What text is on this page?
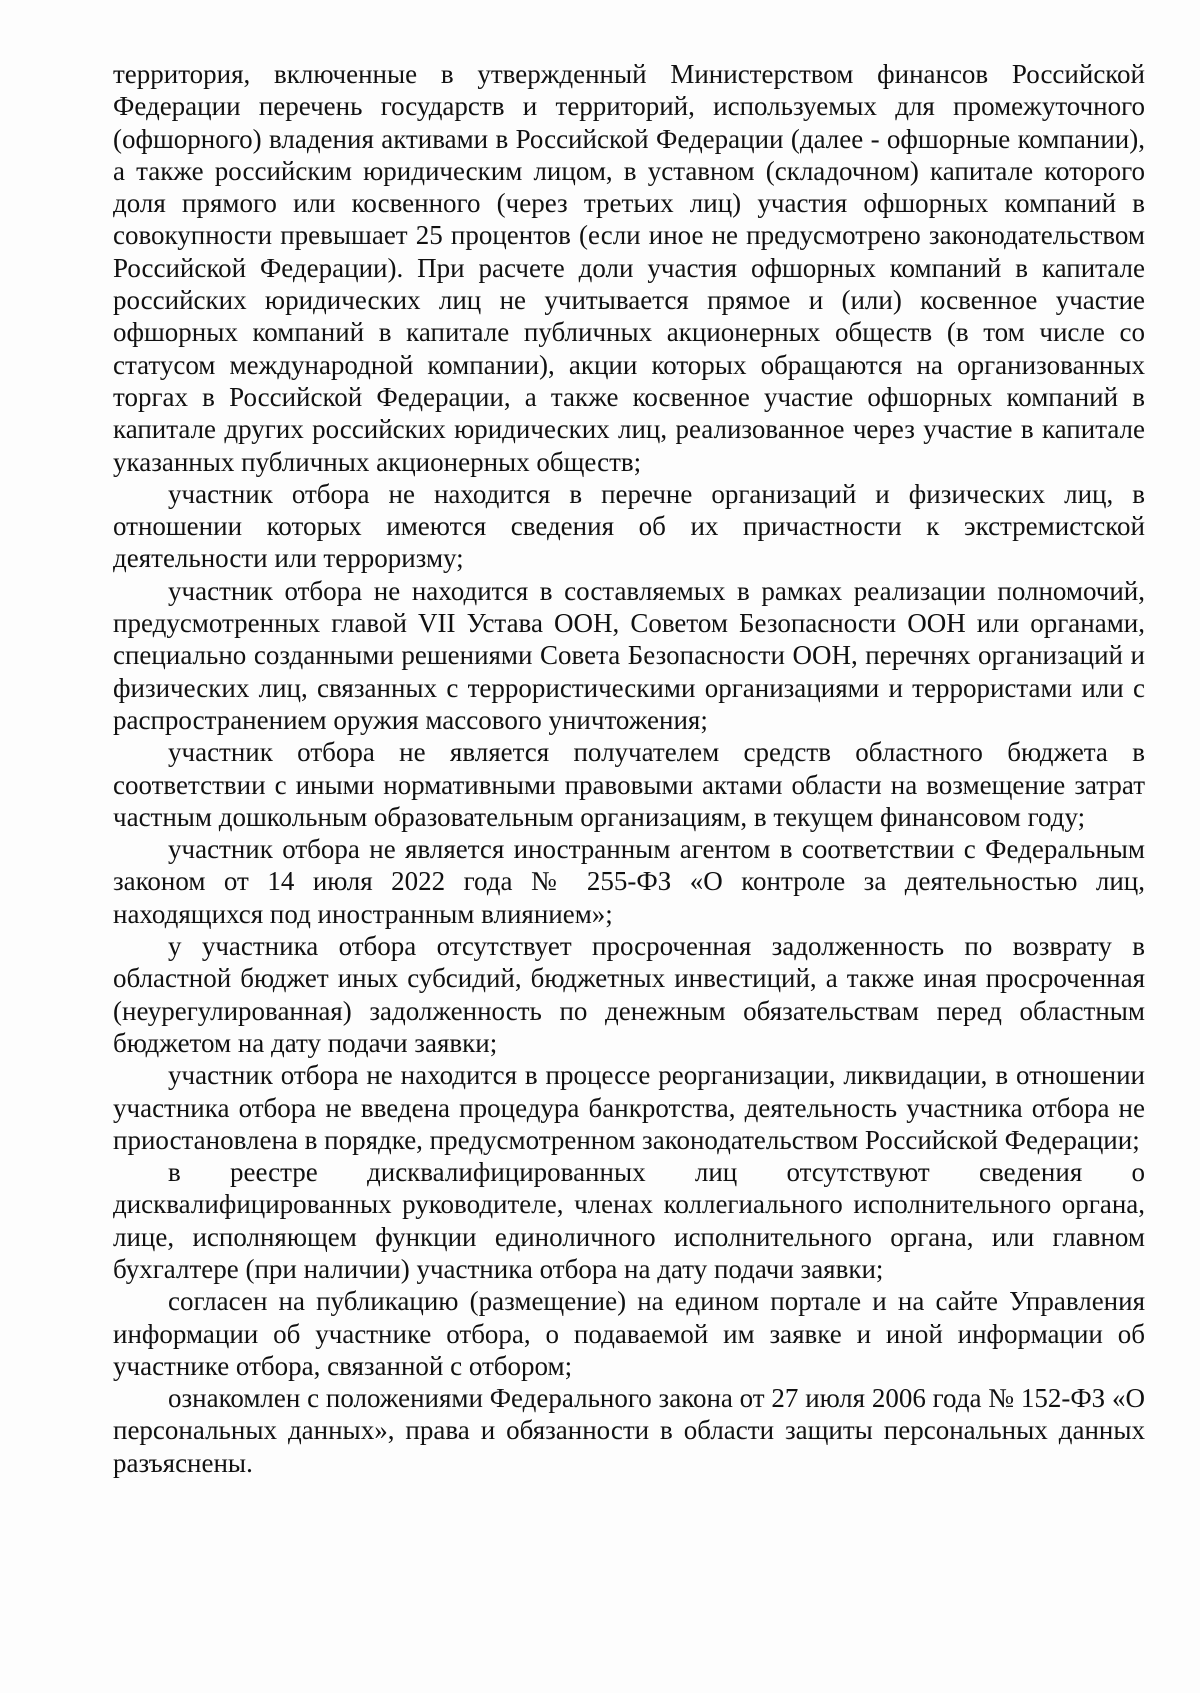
территория, включенные в утвержденный Министерством финансов Российской Федерации перечень государств и территорий, используемых для промежуточного (офшорного) владения активами в Российской Федерации (далее - офшорные компании), а также российским юридическим лицом, в уставном (складочном) капитале которого доля прямого или косвенного (через третьих лиц) участия офшорных компаний в совокупности превышает 25 процентов (если иное не предусмотрено законодательством Российской Федерации). При расчете доли участия офшорных компаний в капитале российских юридических лиц не учитывается прямое и (или) косвенное участие офшорных компаний в капитале публичных акционерных обществ (в том числе со статусом международной компании), акции которых обращаются на организованных торгах в Российской Федерации, а также косвенное участие офшорных компаний в капитале других российских юридических лиц, реализованное через участие в капитале указанных публичных акционерных обществ;

участник отбора не находится в перечне организаций и физических лиц, в отношении которых имеются сведения об их причастности к экстремистской деятельности или терроризму;

участник отбора не находится в составляемых в рамках реализации полномочий, предусмотренных главой VII Устава ООН, Советом Безопасности ООН или органами, специально созданными решениями Совета Безопасности ООН, перечнях организаций и физических лиц, связанных с террористическими организациями и террористами или с распространением оружия массового уничтожения;

участник отбора не является получателем средств областного бюджета в соответствии с иными нормативными правовыми актами области на возмещение затрат частным дошкольным образовательным организациям, в текущем финансовом году;

участник отбора не является иностранным агентом в соответствии с Федеральным законом от 14 июля 2022 года № 255-ФЗ «О контроле за деятельностью лиц, находящихся под иностранным влиянием»;

у участника отбора отсутствует просроченная задолженность по возврату в областной бюджет иных субсидий, бюджетных инвестиций, а также иная просроченная (неурегулированная) задолженность по денежным обязательствам перед областным бюджетом на дату подачи заявки;

участник отбора не находится в процессе реорганизации, ликвидации, в отношении участника отбора не введена процедура банкротства, деятельность участника отбора не приостановлена в порядке, предусмотренном законодательством Российской Федерации;

в реестре дисквалифицированных лиц отсутствуют сведения о дисквалифицированных руководителе, членах коллегиального исполнительного органа, лице, исполняющем функции единоличного исполнительного органа, или главном бухгалтере (при наличии) участника отбора на дату подачи заявки;

согласен на публикацию (размещение) на едином портале и на сайте Управления информации об участнике отбора, о подаваемой им заявке и иной информации об участнике отбора, связанной с отбором;

ознакомлен с положениями Федерального закона от 27 июля 2006 года № 152-ФЗ «О персональных данных», права и обязанности в области защиты персональных данных разъяснены.
